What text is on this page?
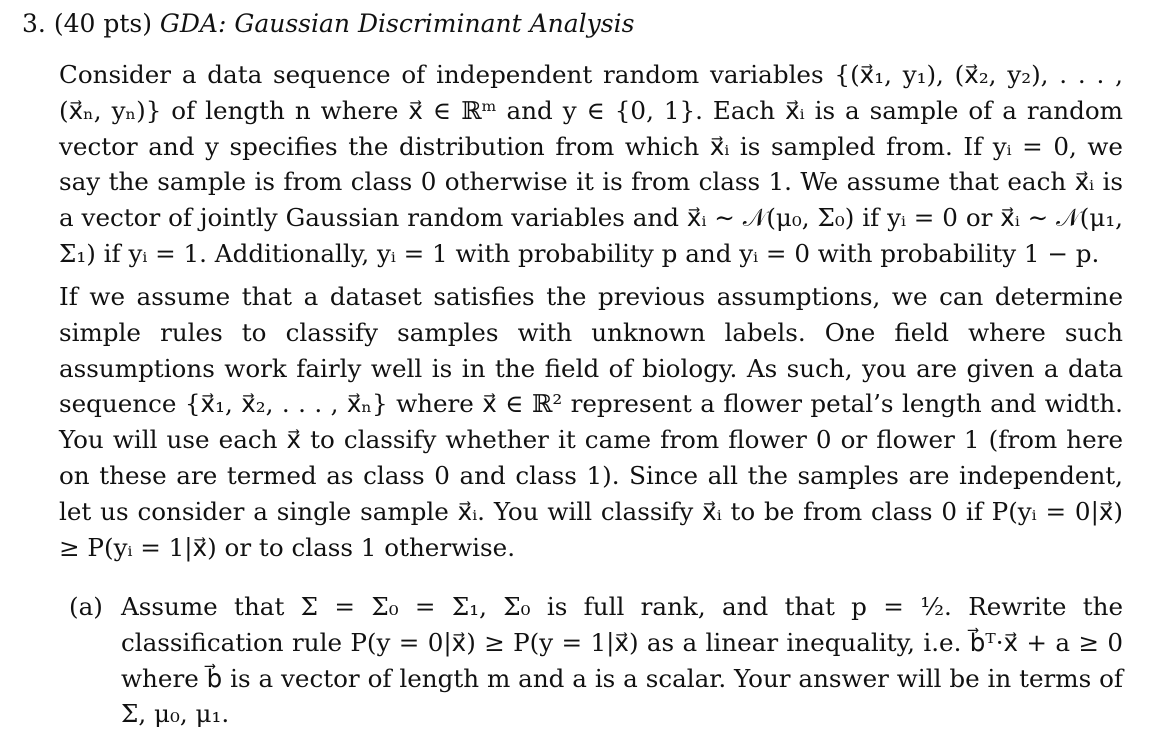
3. (40 pts) GDA: Gaussian Discriminant Analysis

Consider a data sequence of independent random variables {(x⃗₁, y₁), (x⃗₂, y₂), . . . , (x⃗ₙ, yₙ)} of length n where x⃗ ∈ ℝᵐ and y ∈ {0, 1}. Each x⃗ᵢ is a sample of a random vector and y specifies the distribution from which x⃗ᵢ is sampled from. If yᵢ = 0, we say the sample is from class 0 otherwise it is from class 1. We assume that each x⃗ᵢ is a vector of jointly Gaussian random variables and x⃗ᵢ ∼ 𝒩(μ₀, Σ₀) if yᵢ = 0 or x⃗ᵢ ∼ 𝒩(μ₁, Σ₁) if yᵢ = 1. Additionally, yᵢ = 1 with probability p and yᵢ = 0 with probability 1 − p.

If we assume that a dataset satisfies the previous assumptions, we can determine simple rules to classify samples with unknown labels. One field where such assumptions work fairly well is in the field of biology. As such, you are given a data sequence {x⃗₁, x⃗₂, . . . , x⃗ₙ} where x⃗ ∈ ℝ² represent a flower petal’s length and width. You will use each x⃗ to classify whether it came from flower 0 or flower 1 (from here on these are termed as class 0 and class 1). Since all the samples are independent, let us consider a single sample x⃗ᵢ. You will classify x⃗ᵢ to be from class 0 if P(yᵢ = 0|x⃗) ≥ P(yᵢ = 1|x⃗) or to class 1 otherwise.

(a) Assume that Σ = Σ₀ = Σ₁, Σ₀ is full rank, and that p = ½. Rewrite the classification rule P(y = 0|x⃗) ≥ P(y = 1|x⃗) as a linear inequality, i.e. b⃗ᵀ·x⃗ + a ≥ 0 where b⃗ is a vector of length m and a is a scalar. Your answer will be in terms of Σ, μ₀, μ₁.
